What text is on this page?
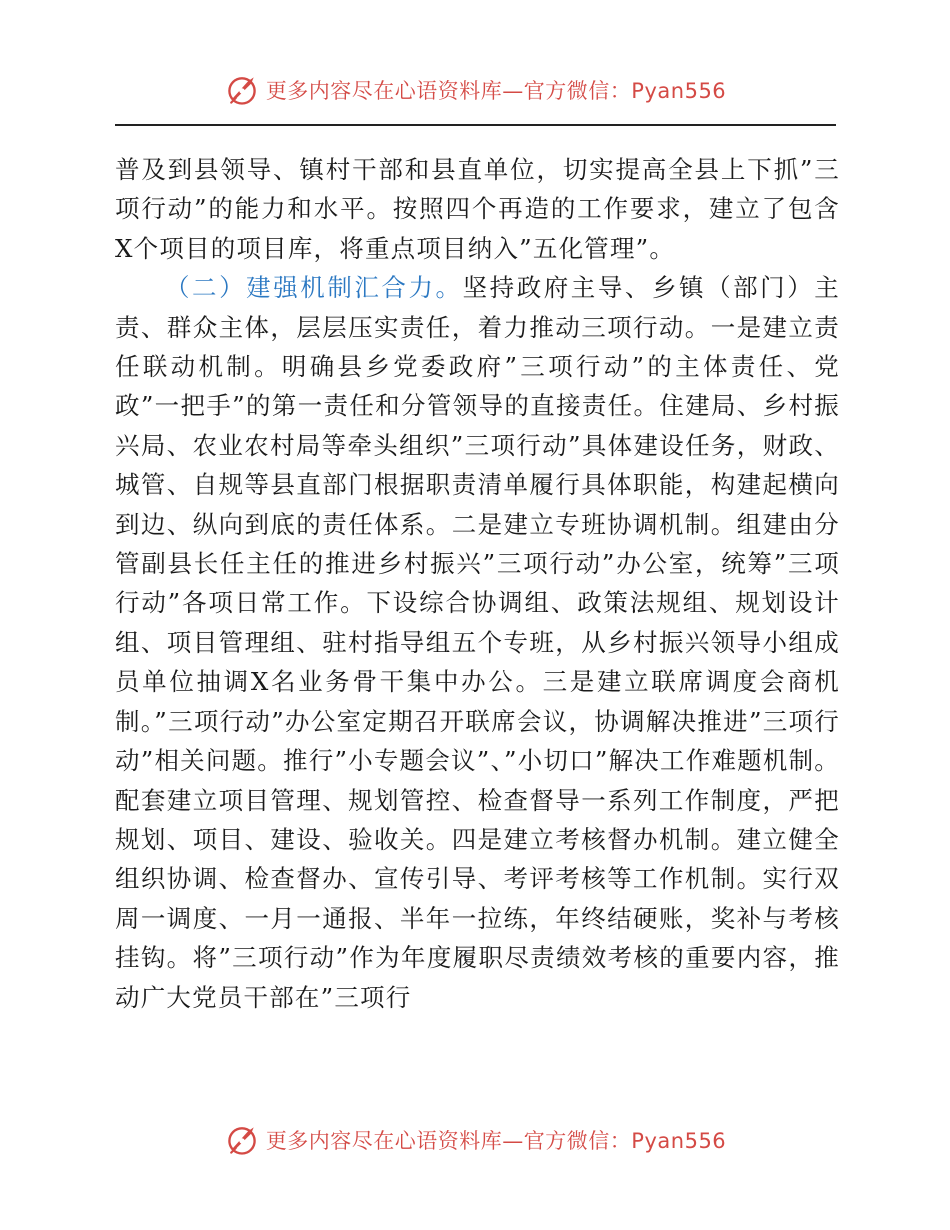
更多内容尽在心语资料库—官方微信：Pyan556

普及到县领导、镇村干部和县直单位，切实提高全县上下抓”三项行动”的能力和水平。按照四个再造的工作要求，建立了包含X个项目的项目库，将重点项目纳入”五化管理”。

（二）建强机制汇合力。坚持政府主导、乡镇（部门）主责、群众主体，层层压实责任，着力推动三项行动。一是建立责任联动机制。明确县乡党委政府”三项行动”的主体责任、党政”一把手”的第一责任和分管领导的直接责任。住建局、乡村振兴局、农业农村局等牵头组织”三项行动”具体建设任务，财政、城管、自规等县直部门根据职责清单履行具体职能，构建起横向到边、纵向到底的责任体系。二是建立专班协调机制。组建由分管副县长任主任的推进乡村振兴”三项行动”办公室，统筹”三项行动”各项日常工作。下设综合协调组、政策法规组、规划设计组、项目管理组、驻村指导组五个专班，从乡村振兴领导小组成员单位抽调X名业务骨干集中办公。三是建立联席调度会商机制。”三项行动”办公室定期召开联席会议，协调解决推进”三项行动”相关问题。推行”小专题会议”、”小切口”解决工作难题机制。配套建立项目管理、规划管控、检查督导一系列工作制度，严把规划、项目、建设、验收关。四是建立考核督办机制。建立健全组织协调、检查督办、宣传引导、考评考核等工作机制。实行双周一调度、一月一通报、半年一拉练，年终结硬账，奖补与考核挂钩。将”三项行动”作为年度履职尽责绩效考核的重要内容，推动广大党员干部在”三项行

更多内容尽在心语资料库—官方微信：Pyan556
